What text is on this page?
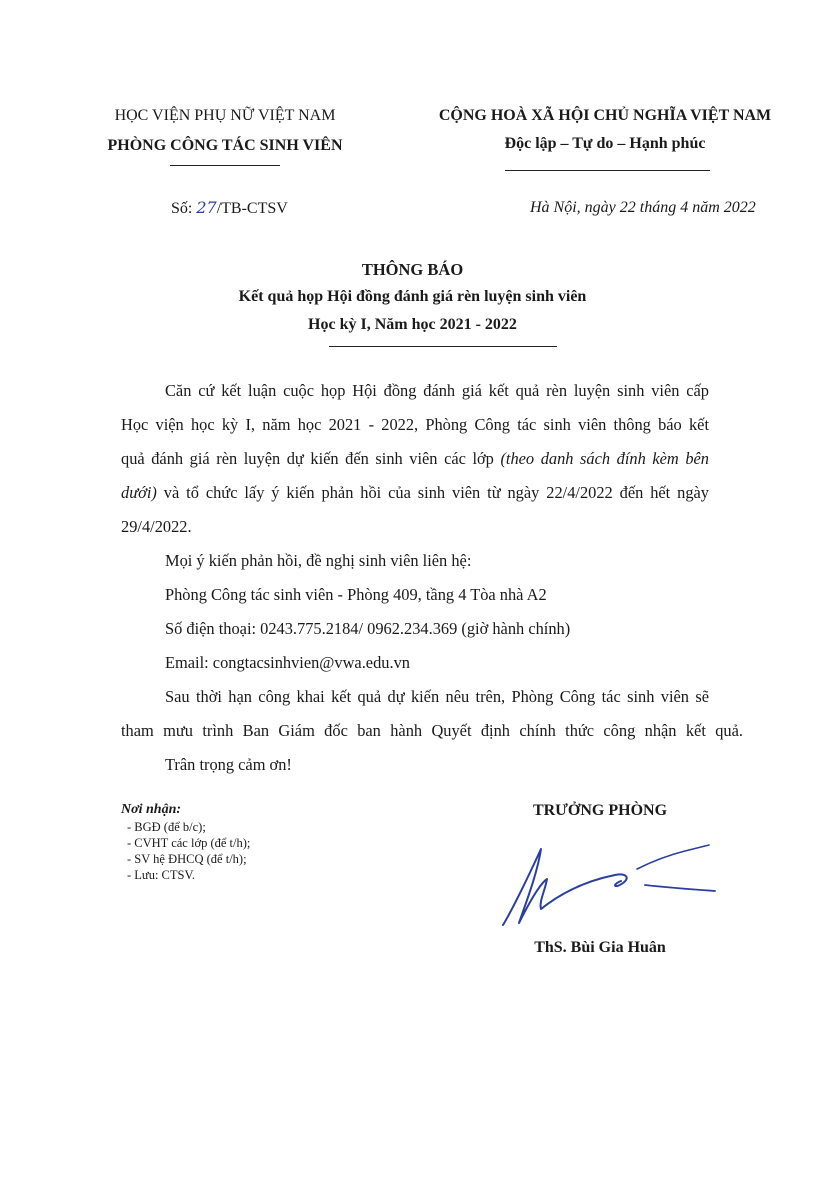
HỌC VIỆN PHỤ NỮ VIỆT NAM
PHÒNG CÔNG TÁC SINH VIÊN
CỘNG HOÀ XÃ HỘI CHỦ NGHĨA VIỆT NAM
Độc lập – Tự do – Hạnh phúc
Số: 27/TB-CTSV	Hà Nội, ngày 22 tháng 4 năm 2022
THÔNG BÁO
Kết quả họp Hội đồng đánh giá rèn luyện sinh viên
Học kỳ I, Năm học 2021 - 2022
Căn cứ kết luận cuộc họp Hội đồng đánh giá kết quả rèn luyện sinh viên cấp
Học viện học kỳ I, năm học 2021 - 2022, Phòng Công tác sinh viên thông báo kết
quả đánh giá rèn luyện dự kiến đến sinh viên các lớp (theo danh sách đính kèm bên
dưới) và tổ chức lấy ý kiến phản hồi của sinh viên từ ngày 22/4/2022 đến hết ngày
29/4/2022.
Mọi ý kiến phản hồi, đề nghị sinh viên liên hệ:
Phòng Công tác sinh viên - Phòng 409, tầng 4 Tòa nhà A2
Số điện thoại: 0243.775.2184/ 0962.234.369 (giờ hành chính)
Email: congtacsinhvien@vwa.edu.vn
Sau thời hạn công khai kết quả dự kiến nêu trên, Phòng Công tác sinh viên sẽ
tham mưu trình Ban Giám đốc ban hành Quyết định chính thức công nhận kết quả.
Trân trọng cảm ơn!
Nơi nhận:
- BGĐ (để b/c);
- CVHT các lớp (để t/h);
- SV hệ ĐHCQ (để t/h);
- Lưu: CTSV.
TRƯỞNG PHÒNG
ThS. Bùi Gia Huân
